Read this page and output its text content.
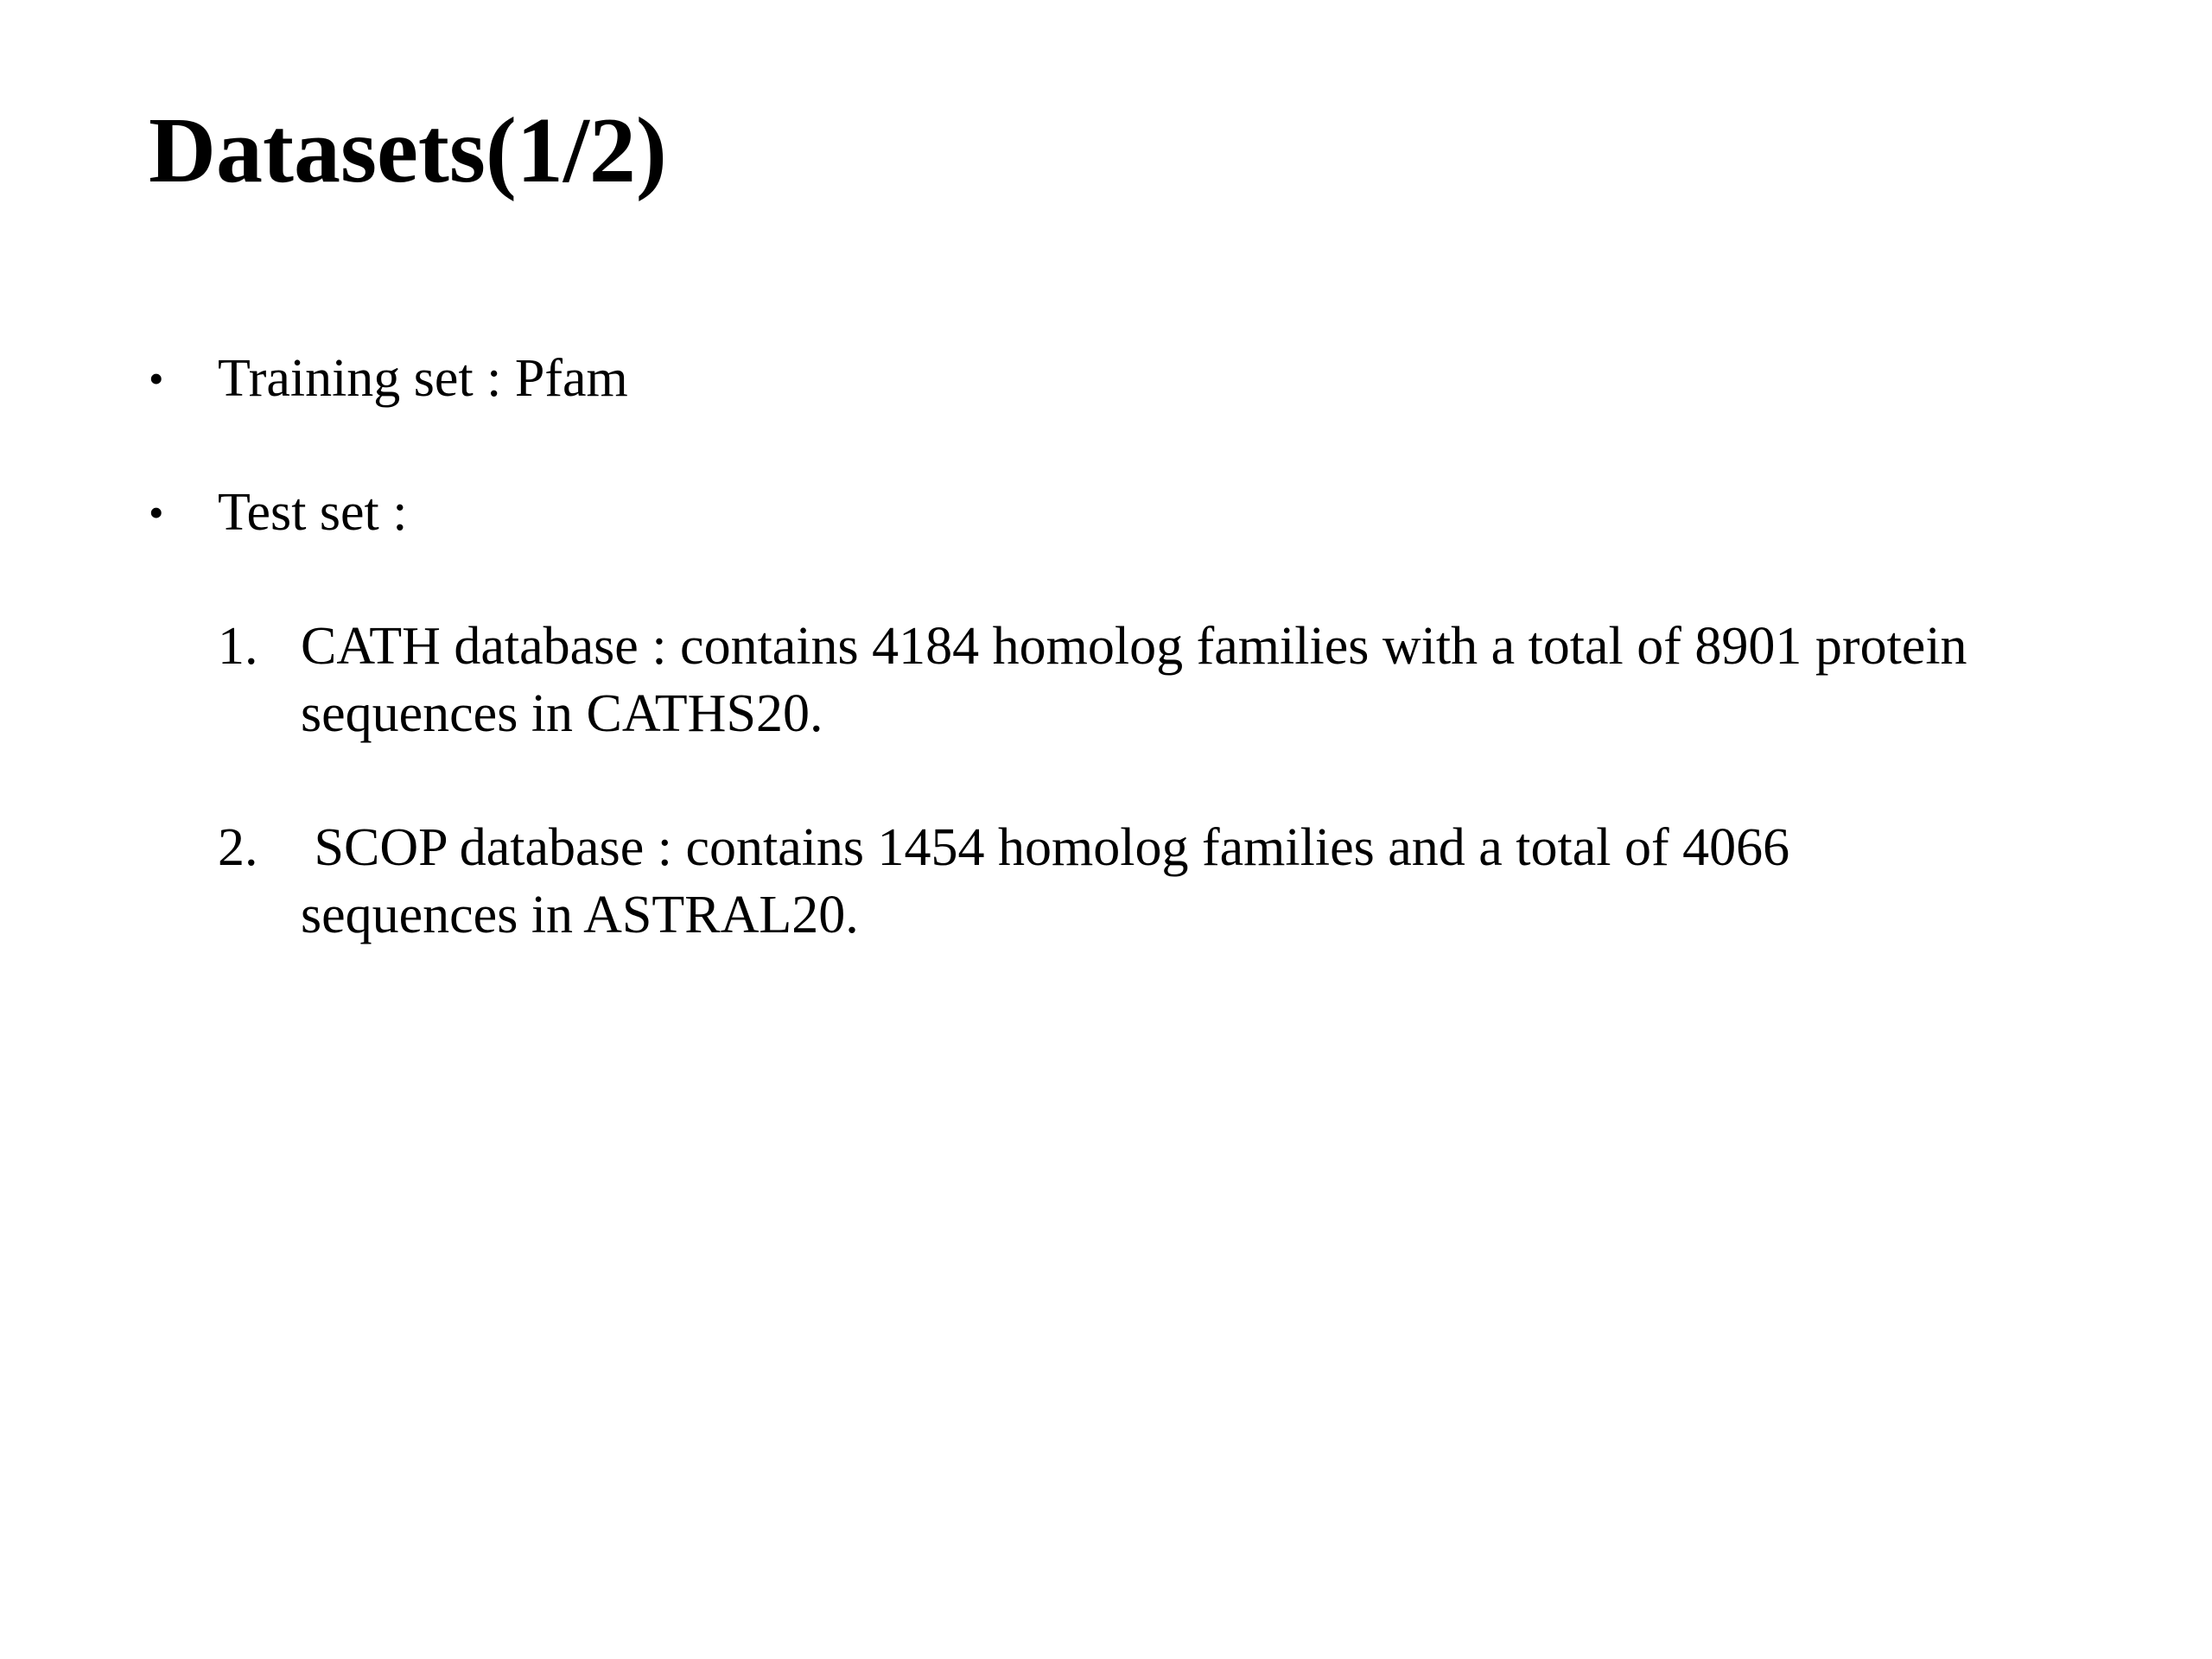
Datasets(1/2)
• Training set : Pfam
• Test set :
1. CATH database : contains 4184 homolog families with a total of 8901 protein
sequences in CATHS20.
2. SCOP database : contains 1454 homolog families and a total of 4066
sequences in ASTRAL20.
